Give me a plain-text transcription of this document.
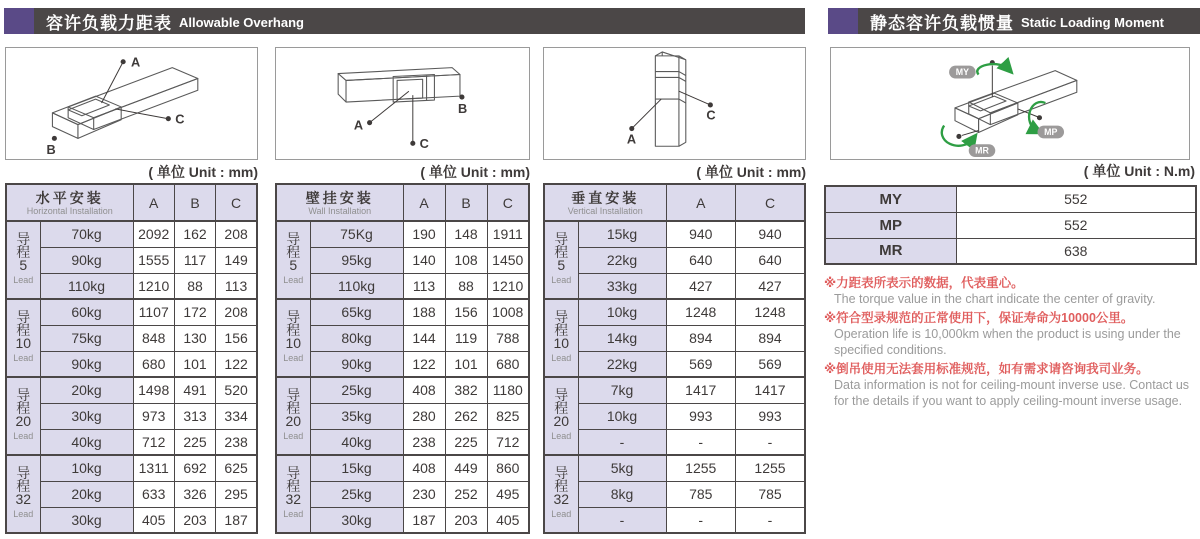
容许负载力距表 Allowable Overhang	静态容许负载惯量 Static Loading Moment
A
B
C	A
B
C	A
C
MY
MP
MR
( 单位 Unit : mm)	( 单位 Unit : mm)	( 单位 Unit : mm)	( 单位 Unit : N.m)
水平安装
Horizontal Installation		A	B	C
导
程
5
Lead	70kg	2092	162	208
	90kg	1555	117	149
	110kg	1210	88	113
导
程
10
Lead	60kg	1107	172	208
	75kg	848	130	156
	90kg	680	101	122
导
程
20
Lead	20kg	1498	491	520
	30kg	973	313	334
	40kg	712	225	238
导
程
32
Lead	10kg	1311	692	625
	20kg	633	326	295
	30kg	405	203	187
壁挂安装
Wall Installation		A	B	C
导
程
5
Lead	75Kg	190	148	1911
	95kg	140	108	1450
	110kg	113	88	1210
导
程
10
Lead	65kg	188	156	1008
	80kg	144	119	788
	90kg	122	101	680
导
程
20
Lead	25kg	408	382	1180
	35kg	280	262	825
	40kg	238	225	712
导
程
32
Lead	15kg	408	449	860
	25kg	230	252	495
	30kg	187	203	405
垂直安装
Vertical Installation		A	C
导
程
5
Lead	15kg	940	940
	22kg	640	640
	33kg	427	427
导
程
10
Lead	10kg	1248	1248
	14kg	894	894
	22kg	569	569
导
程
20
Lead	7kg	1417	1417
	10kg	993	993
	-	-	-
导
程
32
Lead	5kg	1255	1255
	8kg	785	785
	-	-	-
MY	552
MP	552
MR	638
※力距表所表示的数据，代表重心。
The torque value in the chart indicate the center of gravity.
※符合型录规范的正常使用下，保证寿命为10000公里。
Operation life is 10,000km when the product is using under the specified conditions.
※倒吊使用无法套用标准规范，如有需求请咨询我司业务。
Data information is not for ceiling-mount inverse use. Contact us for the details if you want to apply ceiling-mount inverse usage.
